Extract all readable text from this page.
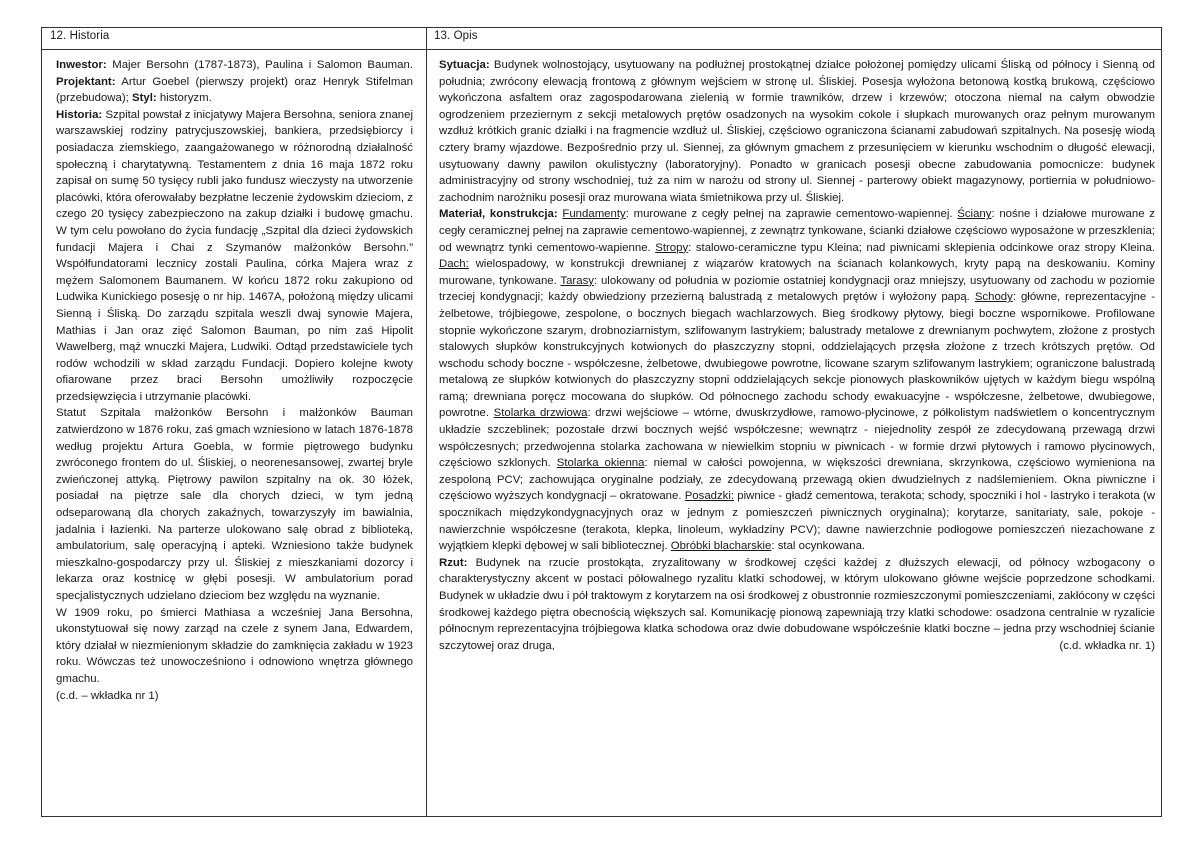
12. Historia	13. Opis

Inwestor: Majer Bersohn (1787-1873), Paulina i Salomon Bauman. Projektant: Artur Goebel (pierwszy projekt) oraz Henryk Stifelman (przebudowa); Styl: historyzm.

Historia: Szpital powstał z inicjatywy Majera Bersohna, seniora znanej warszawskiej rodziny patrycjuszowskiej, bankiera, przedsiębiorcy i posiadacza ziemskiego, zaangażowanego w różnorodną działalność społeczną i charytatywną. Testamentem z dnia 16 maja 1872 roku zapisał on sumę 50 tysięcy rubli jako fundusz wieczysty na utworzenie placówki, która oferowałaby bezpłatne leczenie żydowskim dzieciom, z czego 20 tysięcy zabezpieczono na zakup działki i budowę gmachu. W tym celu powołano do życia fundację „Szpital dla dzieci żydowskich fundacji Majera i Chai z Szymanów małżonków Bersohn.” Współfundatorami lecznicy zostali Paulina, córka Majera wraz z mężem Salomonem Baumanem. W końcu 1872 roku zakupiono od Ludwika Kunickiego posesję o nr hip. 1467A, położoną między ulicami Sienną i Śliską. Do zarządu szpitala weszli dwaj synowie Majera, Mathias i Jan oraz zięć Salomon Bauman, po nim zaś Hipolit Wawelberg, mąż wnuczki Majera, Ludwiki. Odtąd przedstawiciele tych rodów wchodzili w skład zarządu Fundacji. Dopiero kolejne kwoty ofiarowane przez braci Bersohn umożliwiły rozpoczęcie przedsięwzięcia i utrzymanie placówki.

Statut Szpitala małżonków Bersohn i małżonków Bauman zatwierdzono w 1876 roku, zaś gmach wzniesiono w latach 1876-1878 według projektu Artura Goebla, w formie piętrowego budynku zwróconego frontem do ul. Śliskiej, o neorenesansowej, zwartej bryle zwieńczonej attyką. Piętrowy pawilon szpitalny na ok. 30 łóżek, posiadał na piętrze sale dla chorych dzieci, w tym jedną odseparowaną dla chorych zakaźnych, towarzyszyły im bawialnia, jadalnia i łazienki. Na parterze ulokowano salę obrad z biblioteką, ambulatorium, salę operacyjną i apteki. Wzniesiono także budynek mieszkalno-gospodarczy przy ul. Śliskiej z mieszkaniami dozorcy i lekarza oraz kostnicę w głębi posesji. W ambulatorium porad specjalistycznych udzielano dzieciom bez względu na wyznanie.

W 1909 roku, po śmierci Mathiasa a wcześniej Jana Bersohna, ukonstytuował się nowy zarząd na czele z synem Jana, Edwardem, który działał w niezmienionym składzie do zamknięcia zakładu w 1923 roku. Wówczas też unowocześniono i odnowiono wnętrza głównego gmachu.

(c.d. – wkładka nr 1)

Sytuacja: Budynek wolnostojący, usytuowany na podłużnej prostokątnej działce położonej pomiędzy ulicami Śliską od północy i Sienną od południa; zwrócony elewacją frontową z głównym wejściem w stronę ul. Śliskiej. Posesja wyłożona betonową kostką brukową, częściowo wykończona asfaltem oraz zagospodarowana zielenią w formie trawników, drzew i krzewów; otoczona niemal na całym obwodzie ogrodzeniem przeziernym z sekcji metalowych prętów osadzonych na wysokim cokole i słupkach murowanych oraz pełnym murowanym wzdłuż krótkich granic działki i na fragmencie wzdłuż ul. Śliskiej, częściowo ograniczona ścianami zabudowań szpitalnych. Na posesję wiodą cztery bramy wjazdowe. Bezpośrednio przy ul. Siennej, za głównym gmachem z przesunięciem w kierunku wschodnim o długość elewacji, usytuowany dawny pawilon okulistyczny (laboratoryjny). Ponadto w granicach posesji obecne zabudowania pomocnicze: budynek administracyjny od strony wschodniej, tuż za nim w narożu od strony ul. Siennej - parterowy obiekt magazynowy, portiernia w południowo-zachodnim narożniku posesji oraz murowana wiata śmietnikowa przy ul. Śliskiej.

Materiał, konstrukcja: Fundamenty: murowane z cegły pełnej na zaprawie cementowo-wapiennej. Ściany: nośne i działowe murowane z cegły ceramicznej pełnej na zaprawie cementowo-wapiennej, z zewnątrz tynkowane, ścianki działowe częściowo wyposażone w przeszklenia; od wewnątrz tynki cementowo-wapienne. Stropy: stalowo-ceramiczne typu Kleina; nad piwnicami sklepienia odcinkowe oraz stropy Kleina. Dach: wielospadowy, w konstrukcji drewnianej z wiązarów kratowych na ścianach kolankowych, kryty papą na deskowaniu. Kominy murowane, tynkowane. Tarasy: ulokowany od południa w poziomie ostatniej kondygnacji oraz mniejszy, usytuowany od zachodu w poziomie trzeciej kondygnacji; każdy obwiedziony przezierną balustradą z metalowych prętów i wyłożony papą. Schody: główne, reprezentacyjne - żelbetowe, trójbiegowe, zespolone, o bocznych biegach wachlarzowych. Bieg środkowy płytowy, biegi boczne wspornikowe. Profilowane stopnie wykończone szarym, drobnoziarnistym, szlifowanym lastrykiem; balustrady metalowe z drewnianym pochwytem, złożone z prostych stalowych słupków konstrukcyjnych kotwionych do płaszczyzny stopni, oddzielających przęsła złożone z trzech krótszych prętów. Od wschodu schody boczne - współczesne, żelbetowe, dwubiegowe powrotne, licowane szarym szlifowanym lastrykiem; ograniczone balustradą metalową ze słupków kotwionych do płaszczyzny stopni oddzielających sekcje pionowych płaskowników ujętych w każdym biegu wspólną ramą; drewniana poręcz mocowana do słupków. Od północnego zachodu schody ewakuacyjne - współczesne, żelbetowe, dwubiegowe, powrotne. Stolarka drzwiowa: drzwi wejściowe – wtórne, dwuskrzydłowe, ramowo-płycinowe, z półkolistym nadświetlem o koncentrycznym układzie szczeblinek; pozostałe drzwi bocznych wejść współczesne; wewnątrz - niejednolity zespół ze zdecydowaną przewagą drzwi współczesnych; przedwojenna stolarka zachowana w niewielkim stopniu w piwnicach - w formie drzwi płytowych i ramowo płycinowych, częściowo szklonych. Stolarka okienna: niemal w całości powojenna, w większości drewniana, skrzynkowa, częściowo wymieniona na zespoloną PCV; zachowująca oryginalne podziały, ze zdecydowaną przewagą okien dwudzielnych z nadślemieniem. Okna piwniczne i częściowo wyższych kondygnacji – okratowane. Posadzki: piwnice - gładź cementowa, terakota; schody, spoczniki i hol - lastryko i terakota (w spocznikach międzykondygnacyjnych oraz w jednym z pomieszczeń piwnicznych oryginalna); korytarze, sanitariaty, sale, pokoje - nawierzchnie współczesne (terakota, klepka, linoleum, wykładziny PCV); dawne nawierzchnie podłogowe pomieszczeń niezachowane z wyjątkiem klepki dębowej w sali bibliotecznej. Obróbki blacharskie: stal ocynkowana.

Rzut: Budynek na rzucie prostokąta, zryzalitowany w środkowej części każdej z dłuższych elewacji, od północy wzbogacony o charakterystyczny akcent w postaci półowalnego ryzalitu klatki schodowej, w którym ulokowano główne wejście poprzedzone schodkami. Budynek w układzie dwu i pół traktowym z korytarzem na osi środkowej z obustronnie rozmieszczonymi pomieszczeniami, zakłócony w części środkowej każdego piętra obecnością większych sal. Komunikację pionową zapewniają trzy klatki schodowe: osadzona centralnie w ryzalicie północnym reprezentacyjna trójbiegowa klatka schodowa oraz dwie dobudowane współcześnie klatki boczne – jedna przy wschodniej ścianie szczytowej oraz druga,	(c.d. wkładka nr. 1)
